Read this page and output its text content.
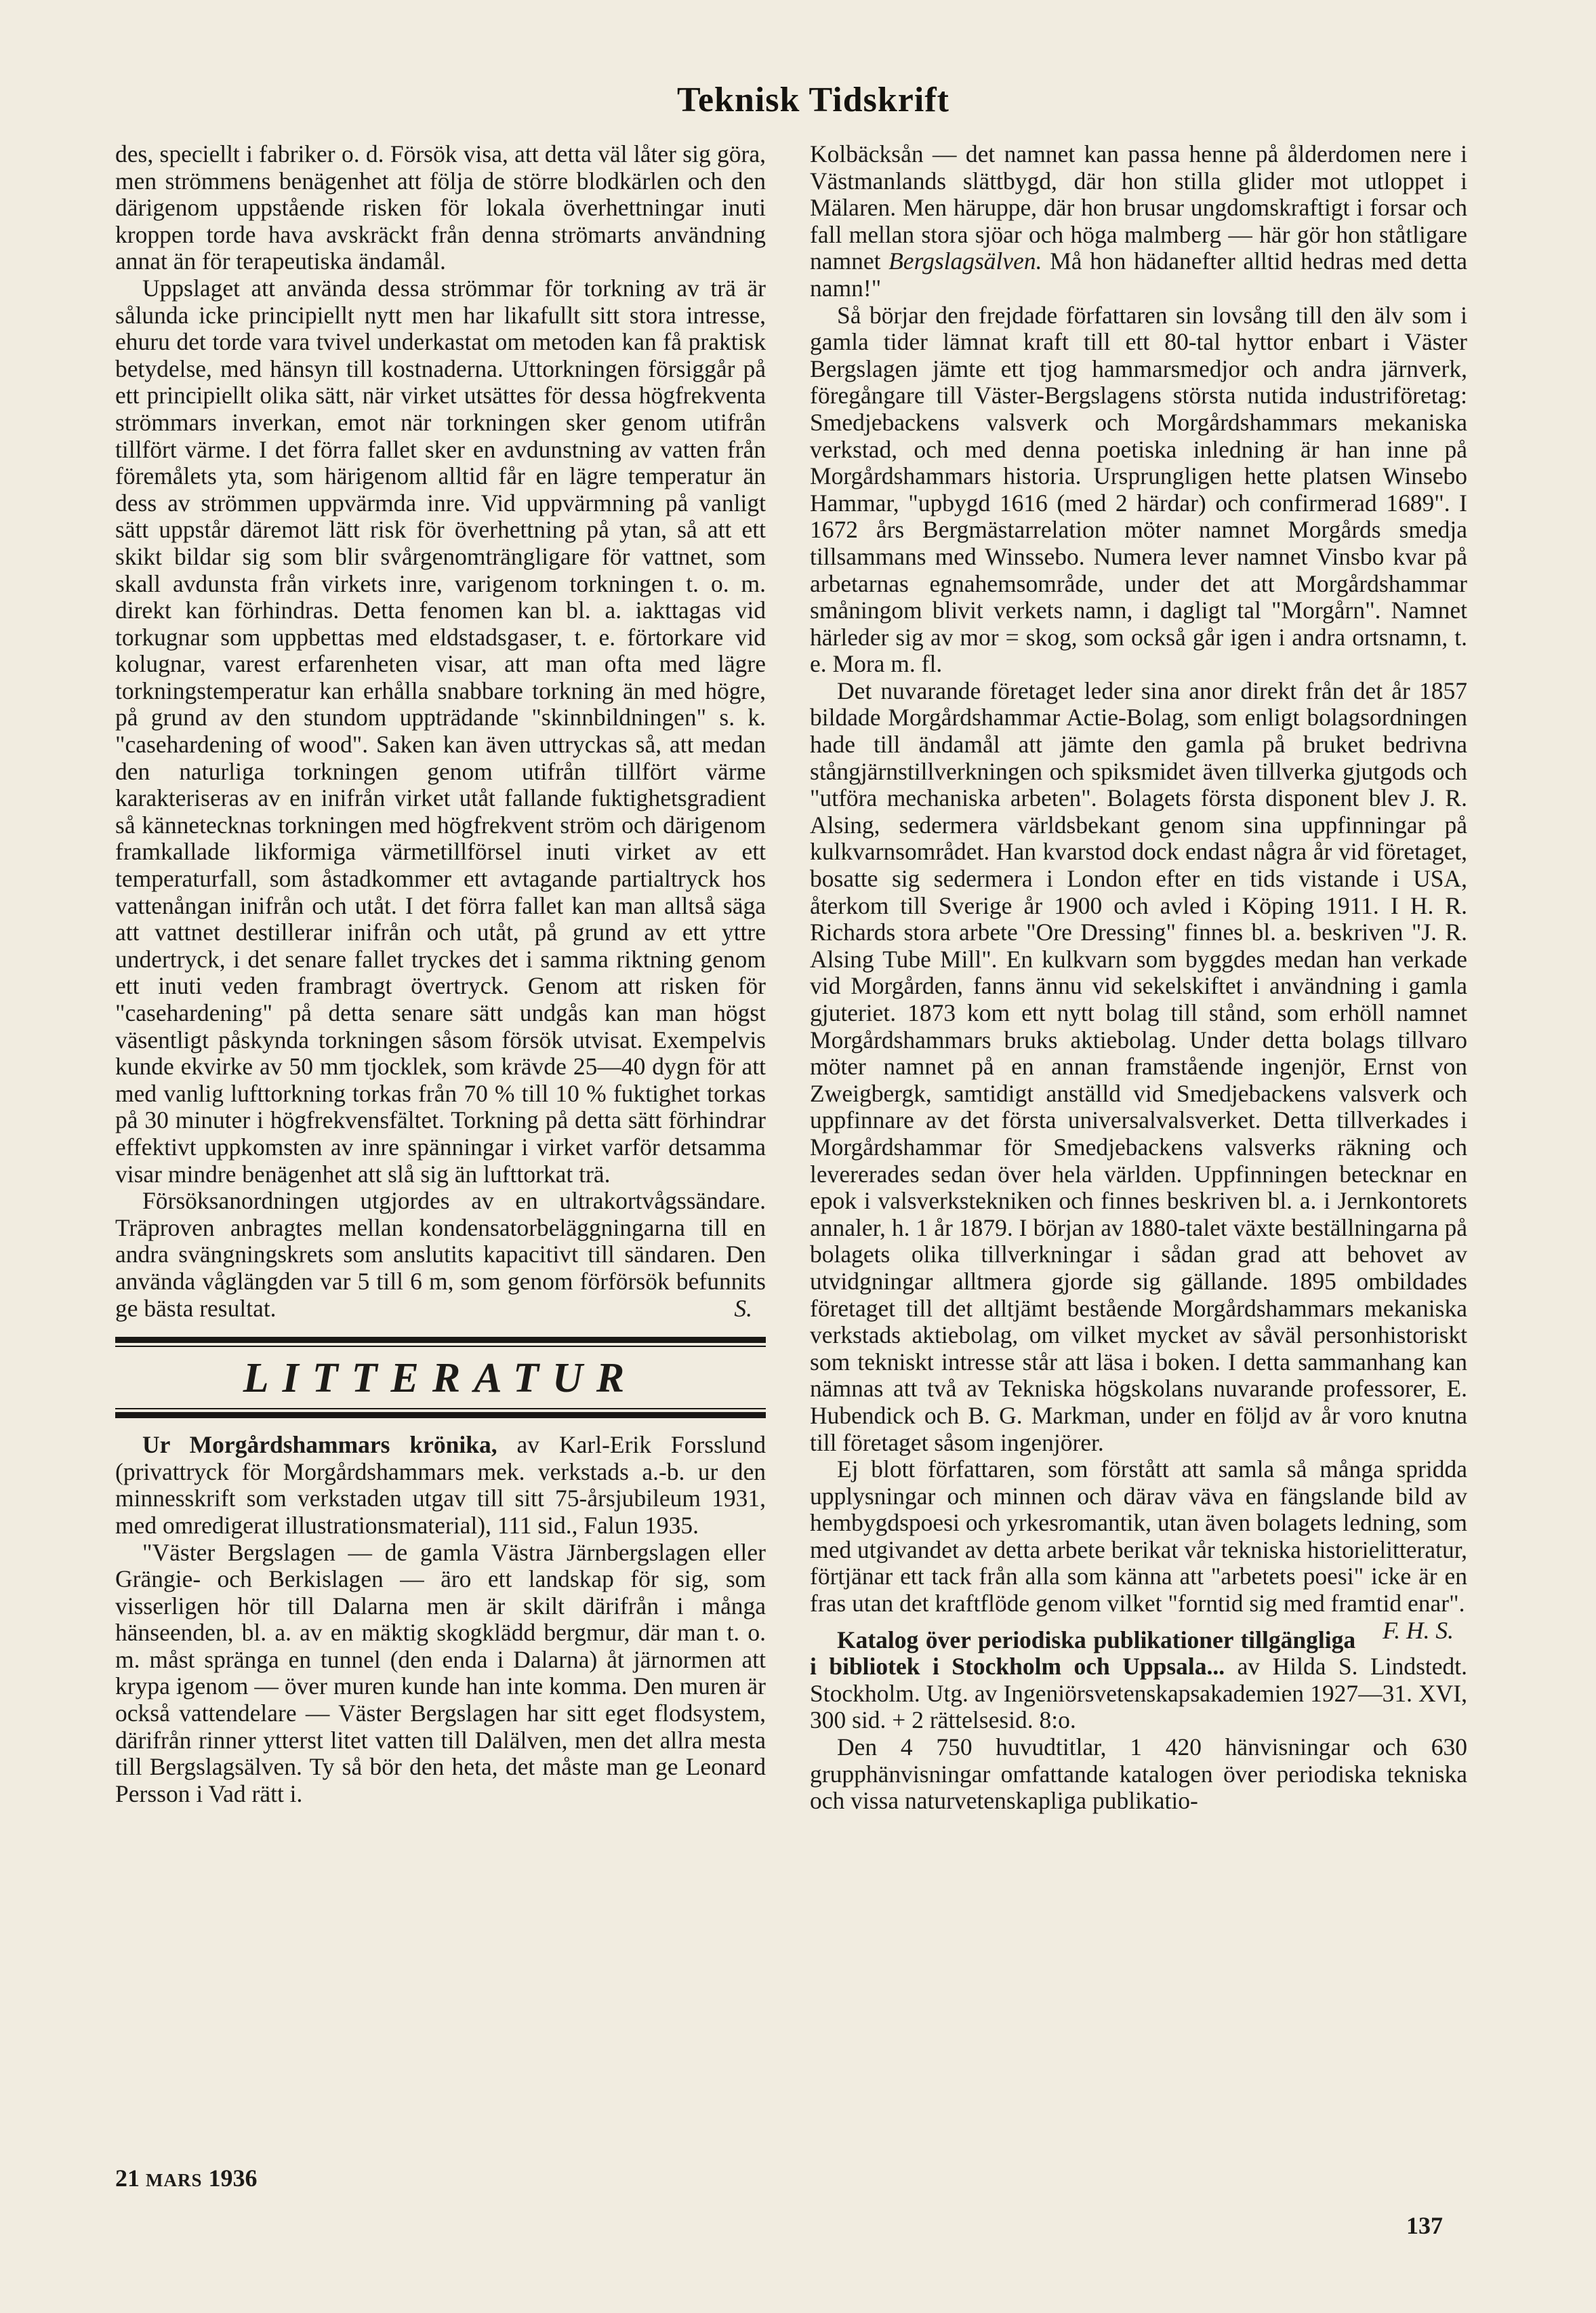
Teknisk Tidskrift

des, speciellt i fabriker o. d. Försök visa, att detta väl låter sig göra, men strömmens benägenhet att följa de större blodkärlen och den därigenom uppstående risken för lokala överhettningar inuti kroppen torde hava avskräckt från denna strömarts användning annat än för terapeutiska ändamål.

Uppslaget att använda dessa strömmar för torkning av trä är sålunda icke principiellt nytt men har likafullt sitt stora intresse, ehuru det torde vara tvivel underkastat om metoden kan få praktisk betydelse, med hänsyn till kostnaderna. Uttorkningen försiggår på ett principiellt olika sätt, när virket utsättes för dessa högfrekventa strömmars inverkan, emot när torkningen sker genom utifrån tillfört värme. I det förra fallet sker en avdunstning av vatten från föremålets yta, som härigenom alltid får en lägre temperatur än dess av strömmen uppvärmda inre. Vid uppvärmning på vanligt sätt uppstår däremot lätt risk för överhettning på ytan, så att ett skikt bildar sig som blir svårgenomträngligare för vattnet, som skall avdunsta från virkets inre, varigenom torkningen t. o. m. direkt kan förhindras. Detta fenomen kan bl. a. iakttagas vid torkugnar som uppbettas med eldstadsgaser, t. e. förtorkare vid kolugnar, varest erfarenheten visar, att man ofta med lägre torkningstemperatur kan erhålla snabbare torkning än med högre, på grund av den stundom uppträdande "skinnbildningen" s. k. "casehardening of wood". Saken kan även uttryckas så, att medan den naturliga torkningen genom utifrån tillfört värme karakteriseras av en inifrån virket utåt fallande fuktighetsgradient så kännetecknas torkningen med högfrekvent ström och därigenom framkallade likformiga värmetillförsel inuti virket av ett temperaturfall, som åstadkommer ett avtagande partialtryck hos vattenångan inifrån och utåt. I det förra fallet kan man alltså säga att vattnet destillerar inifrån och utåt, på grund av ett yttre undertryck, i det senare fallet tryckes det i samma riktning genom ett inuti veden frambragt övertryck. Genom att risken för "casehardening" på detta senare sätt undgås kan man högst väsentligt påskynda torkningen såsom försök utvisat. Exempelvis kunde ekvirke av 50 mm tjocklek, som krävde 25—40 dygn för att med vanlig lufttorkning torkas från 70 % till 10 % fuktighet torkas på 30 minuter i högfrekvensfältet. Torkning på detta sätt förhindrar effektivt uppkomsten av inre spänningar i virket varför detsamma visar mindre benägenhet att slå sig än lufttorkat trä.

Försöksanordningen utgjordes av en ultrakortvågssändare. Träproven anbragtes mellan kondensatorbeläggningarna till en andra svängningskrets som anslutits kapacitivt till sändaren. Den använda våglängden var 5 till 6 m, som genom förförsök befunnits ge bästa resultat.	S.

LITTERATUR

Ur Morgårdshammars krönika, av Karl-Erik Forsslund (privattryck för Morgårdshammars mek. verkstads a.-b. ur den minnesskrift som verkstaden utgav till sitt 75-årsjubileum 1931, med omredigerat illustrationsmaterial), 111 sid., Falun 1935.

"Väster Bergslagen — de gamla Västra Järnbergslagen eller Grängie- och Berkislagen — äro ett landskap för sig, som visserligen hör till Dalarna men är skilt därifrån i många hänseenden, bl. a. av en mäktig skogklädd bergmur, där man t. o. m. måst spränga en tunnel (den enda i Dalarna) åt järnormen att krypa igenom — över muren kunde han inte komma. Den muren är också vattendelare — Väster Bergslagen har sitt eget flodsystem, därifrån rinner ytterst litet vatten till Dalälven, men det allra mesta till Bergslagsälven. Ty så bör den heta, det måste man ge Leonard Persson i Vad rätt i.

Kolbäcksån — det namnet kan passa henne på ålderdomen nere i Västmanlands slättbygd, där hon stilla glider mot utloppet i Mälaren. Men häruppe, där hon brusar ungdomskraftigt i forsar och fall mellan stora sjöar och höga malmberg — här gör hon ståtligare namnet Bergslagsälven. Må hon hädanefter alltid hedras med detta namn!"

Så börjar den frejdade författaren sin lovsång till den älv som i gamla tider lämnat kraft till ett 80-tal hyttor enbart i Väster Bergslagen jämte ett tjog hammarsmedjor och andra järnverk, föregångare till Väster-Bergslagens största nutida industriföretag: Smedjebackens valsverk och Morgårdshammars mekaniska verkstad, och med denna poetiska inledning är han inne på Morgårdshammars historia. Ursprungligen hette platsen Winsebo Hammar, "upbygd 1616 (med 2 härdar) och confirmerad 1689". I 1672 års Bergmästarrelation möter namnet Morgårds smedja tillsammans med Winssebo. Numera lever namnet Vinsbo kvar på arbetarnas egnahemsområde, under det att Morgårdshammar småningom blivit verkets namn, i dagligt tal "Morgårn". Namnet härleder sig av mor = skog, som också går igen i andra ortsnamn, t. e. Mora m. fl.

Det nuvarande företaget leder sina anor direkt från det år 1857 bildade Morgårdshammar Actie-Bolag, som enligt bolagsordningen hade till ändamål att jämte den gamla på bruket bedrivna stångjärnstillverkningen och spiksmidet även tillverka gjutgods och "utföra mechaniska arbeten". Bolagets första disponent blev J. R. Alsing, sedermera världsbekant genom sina uppfinningar på kulkvarnsområdet. Han kvarstod dock endast några år vid företaget, bosatte sig sedermera i London efter en tids vistande i USA, återkom till Sverige år 1900 och avled i Köping 1911. I H. R. Richards stora arbete "Ore Dressing" finnes bl. a. beskriven "J. R. Alsing Tube Mill". En kulkvarn som byggdes medan han verkade vid Morgården, fanns ännu vid sekelskiftet i användning i gamla gjuteriet. 1873 kom ett nytt bolag till stånd, som erhöll namnet Morgårdshammars bruks aktiebolag. Under detta bolags tillvaro möter namnet på en annan framstående ingenjör, Ernst von Zweigbergk, samtidigt anställd vid Smedjebackens valsverk och uppfinnare av det första universalvalsverket. Detta tillverkades i Morgårdshammar för Smedjebackens valsverks räkning och levererades sedan över hela världen. Uppfinningen betecknar en epok i valsverkstekniken och finnes beskriven bl. a. i Jernkontorets annaler, h. 1 år 1879. I början av 1880-talet växte beställningarna på bolagets olika tillverkningar i sådan grad att behovet av utvidgningar alltmera gjorde sig gällande. 1895 ombildades företaget till det alltjämt bestående Morgårdshammars mekaniska verkstads aktiebolag, om vilket mycket av såväl personhistoriskt som tekniskt intresse står att läsa i boken. I detta sammanhang kan nämnas att två av Tekniska högskolans nuvarande professorer, E. Hubendick och B. G. Markman, under en följd av år voro knutna till företaget såsom ingenjörer.

Ej blott författaren, som förstått att samla så många spridda upplysningar och minnen och därav väva en fängslande bild av hembygdspoesi och yrkesromantik, utan även bolagets ledning, som med utgivandet av detta arbete berikat vår tekniska historielitteratur, förtjänar ett tack från alla som känna att "arbetets poesi" icke är en fras utan det kraftflöde genom vilket "forntid sig med framtid enar".
F. H. S.

Katalog över periodiska publikationer tillgängliga i bibliotek i Stockholm och Uppsala... av Hilda S. Lindstedt. Stockholm. Utg. av Ingeniörsvetenskapsakademien 1927—31. XVI, 300 sid. + 2 rättelsesid. 8:o.

Den 4 750 huvudtitlar, 1 420 hänvisningar och 630 grupphänvisningar omfattande katalogen över periodiska tekniska och vissa naturvetenskapliga publikatio-

21 MARS 1936
137
